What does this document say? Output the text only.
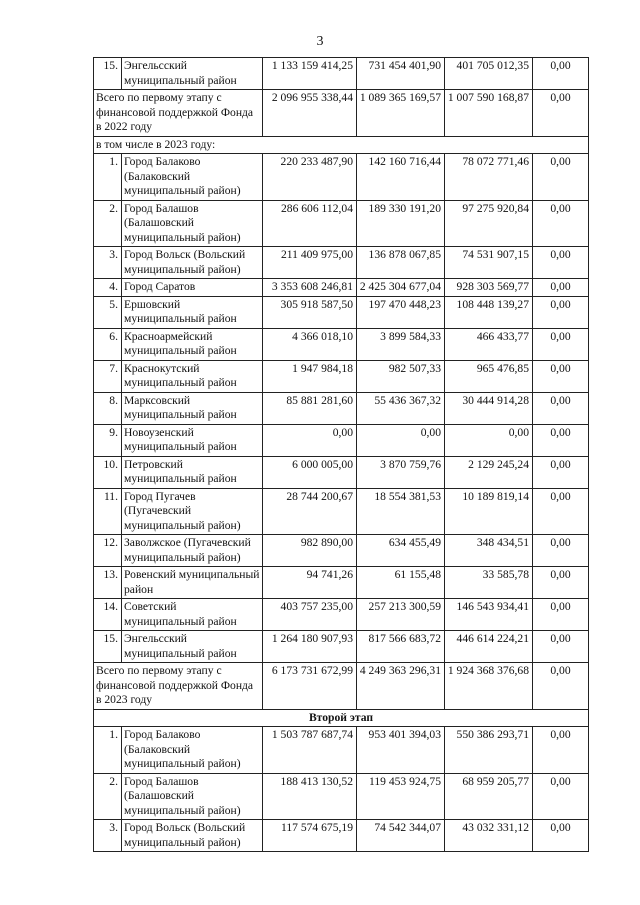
3
15.	Энгельсский муниципальный район	1 133 159 414,25	731 454 401,90	401 705 012,35	0,00
Всего по первому этапу с финансовой поддержкой Фонда в 2022 году		2 096 955 338,44	1 089 365 169,57	1 007 590 168,87	0,00
в том числе в 2023 году:					
1.	Город Балаково (Балаковский муниципальный район)	220 233 487,90	142 160 716,44	78 072 771,46	0,00
2.	Город Балашов (Балашовский муниципальный район)	286 606 112,04	189 330 191,20	97 275 920,84	0,00
3.	Город Вольск (Вольский муниципальный район)	211 409 975,00	136 878 067,85	74 531 907,15	0,00
4.	Город Саратов	3 353 608 246,81	2 425 304 677,04	928 303 569,77	0,00
5.	Ершовский муниципальный район	305 918 587,50	197 470 448,23	108 448 139,27	0,00
6.	Красноармейский муниципальный район	4 366 018,10	3 899 584,33	466 433,77	0,00
7.	Краснокутский муниципальный район	1 947 984,18	982 507,33	965 476,85	0,00
8.	Марксовский муниципальный район	85 881 281,60	55 436 367,32	30 444 914,28	0,00
9.	Новоузенский муниципальный район	0,00	0,00	0,00	0,00
10.	Петровский муниципальный район	6 000 005,00	3 870 759,76	2 129 245,24	0,00
11.	Город Пугачев (Пугачевский муниципальный район)	28 744 200,67	18 554 381,53	10 189 819,14	0,00
12.	Заволжское (Пугачевский муниципальный район)	982 890,00	634 455,49	348 434,51	0,00
13.	Ровенский муниципальный район	94 741,26	61 155,48	33 585,78	0,00
14.	Советский муниципальный район	403 757 235,00	257 213 300,59	146 543 934,41	0,00
15.	Энгельсский муниципальный район	1 264 180 907,93	817 566 683,72	446 614 224,21	0,00
Всего по первому этапу с финансовой поддержкой Фонда в 2023 году		6 173 731 672,99	4 249 363 296,31	1 924 368 376,68	0,00
Второй этап					
1.	Город Балаково (Балаковский муниципальный район)	1 503 787 687,74	953 401 394,03	550 386 293,71	0,00
2.	Город Балашов (Балашовский муниципальный район)	188 413 130,52	119 453 924,75	68 959 205,77	0,00
3.	Город Вольск (Вольский муниципальный район)	117 574 675,19	74 542 344,07	43 032 331,12	0,00
